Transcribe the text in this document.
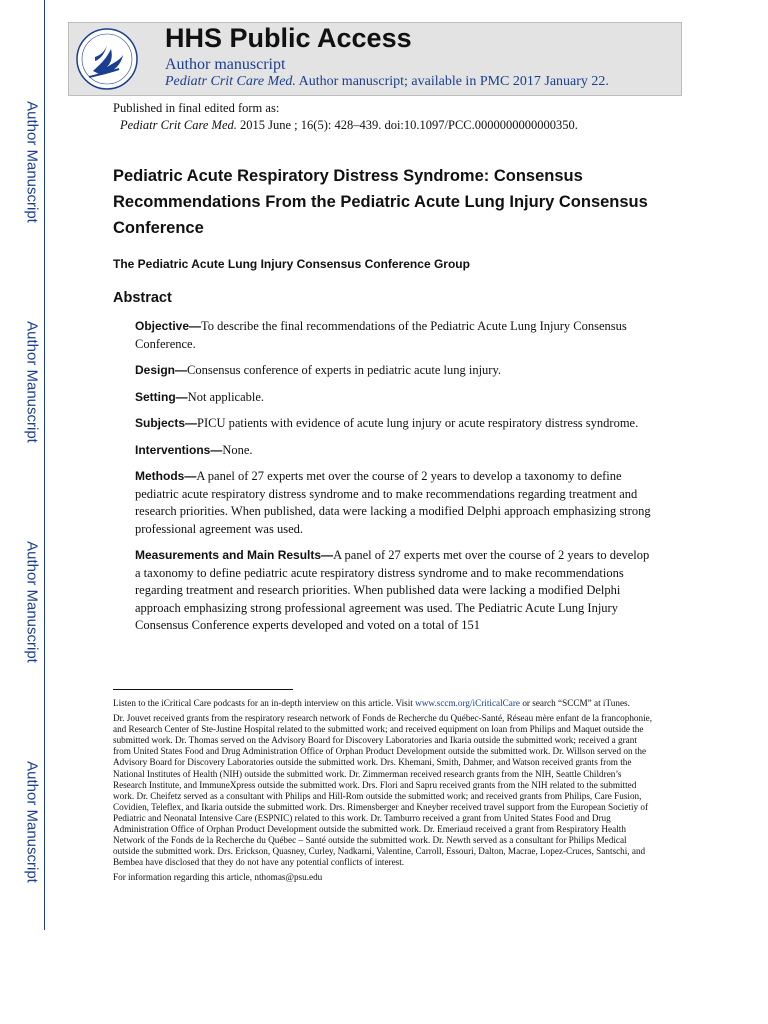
Author Manuscript
Author Manuscript
Author Manuscript
Author Manuscript
HHS Public Access
Author manuscript
Pediatr Crit Care Med. Author manuscript; available in PMC 2017 January 22.
Published in final edited form as:
Pediatr Crit Care Med. 2015 June ; 16(5): 428–439. doi:10.1097/PCC.0000000000000350.
Pediatric Acute Respiratory Distress Syndrome: Consensus Recommendations From the Pediatric Acute Lung Injury Consensus Conference
The Pediatric Acute Lung Injury Consensus Conference Group
Abstract

Objective—To describe the final recommendations of the Pediatric Acute Lung Injury Consensus Conference.

Design—Consensus conference of experts in pediatric acute lung injury.

Setting—Not applicable.

Subjects—PICU patients with evidence of acute lung injury or acute respiratory distress syndrome.

Interventions—None.

Methods—A panel of 27 experts met over the course of 2 years to develop a taxonomy to define pediatric acute respiratory distress syndrome and to make recommendations regarding treatment and research priorities. When published, data were lacking a modified Delphi approach emphasizing strong professional agreement was used.

Measurements and Main Results—A panel of 27 experts met over the course of 2 years to develop a taxonomy to define pediatric acute respiratory distress syndrome and to make recommendations regarding treatment and research priorities. When published data were lacking a modified Delphi approach emphasizing strong professional agreement was used. The Pediatric Acute Lung Injury Consensus Conference experts developed and voted on a total of 151

Listen to the iCritical Care podcasts for an in-depth interview on this article. Visit www.sccm.org/iCriticalCare or search “SCCM” at iTunes.

Dr. Jouvet received grants from the respiratory research network of Fonds de Recherche du Québec-Santé, Réseau mère enfant de la francophonie, and Research Center of Ste-Justine Hospital related to the submitted work; and received equipment on loan from Philips and Maquet outside the submitted work. Dr. Thomas served on the Advisory Board for Discovery Laboratories and Ikaria outside the submitted work; received a grant from United States Food and Drug Administration Office of Orphan Product Development outside the submitted work. Dr. Willson served on the Advisory Board for Discovery Laboratories outside the submitted work. Drs. Khemani, Smith, Dahmer, and Watson received grants from the National Institutes of Health (NIH) outside the submitted work. Dr. Zimmerman received research grants from the NIH, Seattle Children’s Research Institute, and ImmuneXpress outside the submitted work. Drs. Flori and Sapru received grants from the NIH related to the submitted work. Dr. Cheifetz served as a consultant with Philips and Hill-Rom outside the submitted work; and received grants from Philips, Care Fusion, Covidien, Teleflex, and Ikaria outside the submitted work. Drs. Rimensberger and Kneyber received travel support from the European Societiy of Pediatric and Neonatal Intensive Care (ESPNIC) related to this work. Dr. Tamburro received a grant from United States Food and Drug Administration Office of Orphan Product Development outside the submitted work. Dr. Emeriaud received a grant from Respiratory Health Network of the Fonds de la Recherche du Québec – Santé outside the submitted work. Dr. Newth served as a consultant for Philips Medical outside the submitted work. Drs. Erickson, Quasney, Curley, Nadkarni, Valentine, Carroll, Essouri, Dalton, Macrae, Lopez-Cruces, Santschi, and Bembea have disclosed that they do not have any potential conflicts of interest.

For information regarding this article, nthomas@psu.edu
